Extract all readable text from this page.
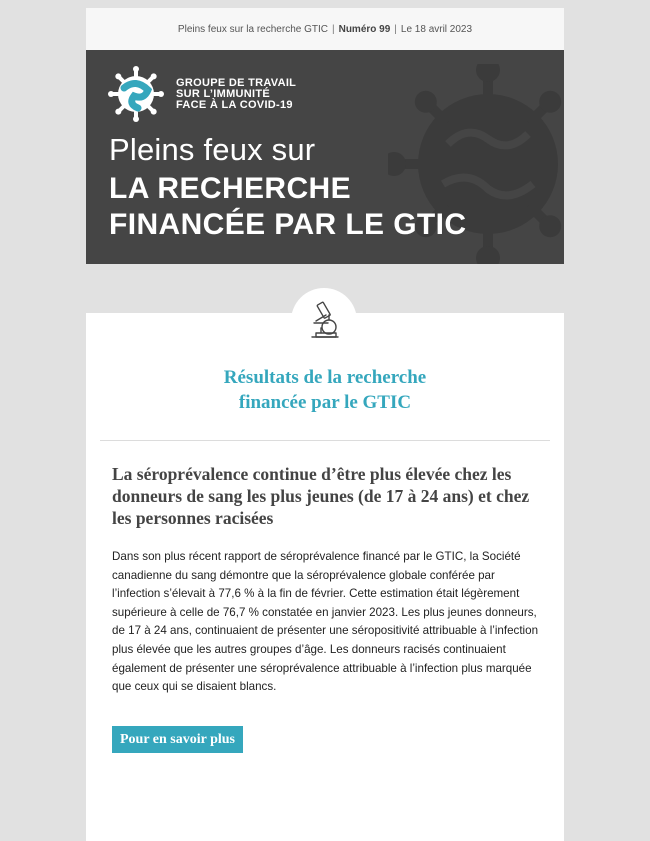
Pleins feux sur la recherche GTIC | Numéro 99 | Le 18 avril 2023
GROUPE DE TRAVAIL
SUR L’IMMUNITÉ
FACE À LA COVID-19
Pleins feux sur
LA RECHERCHE
FINANCÉE PAR LE GTIC
Résultats de la recherche
financée par le GTIC
La séroprévalence continue d’être plus élevée chez les donneurs de sang les plus jeunes (de 17 à 24 ans) et chez les personnes racisées
Dans son plus récent rapport de séroprévalence financé par le GTIC, la Société canadienne du sang démontre que la séroprévalence globale conférée par l’infection s’élevait à 77,6 % à la fin de février. Cette estimation était légèrement supérieure à celle de 76,7 % constatée en janvier 2023. Les plus jeunes donneurs, de 17 à 24 ans, continuaient de présenter une séropositivité attribuable à l’infection plus élevée que les autres groupes d’âge. Les donneurs racisés continuaient également de présenter une séroprévalence attribuable à l’infection plus marquée que ceux qui se disaient blancs.
Pour en savoir plus
